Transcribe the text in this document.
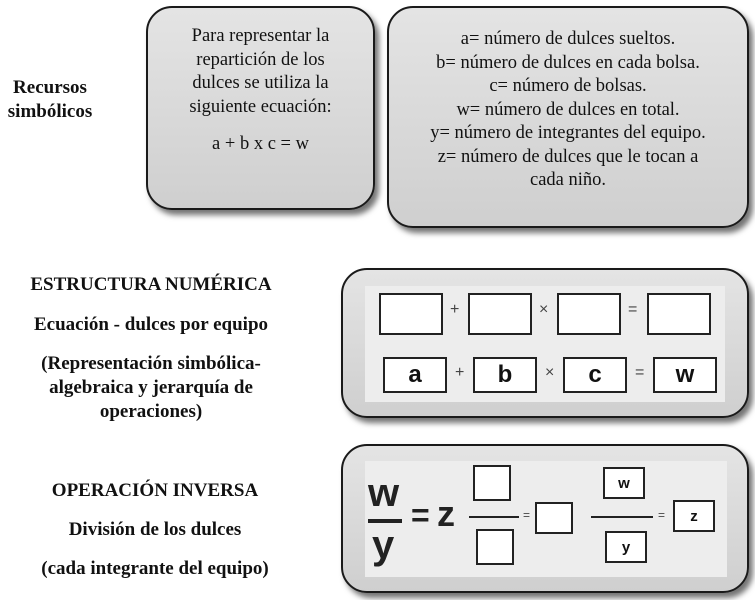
Recursos
simbólicos
ESTRUCTURA NUMÉRICA
Ecuación - dulces por equipo
(Representación simbólica-
algebraica y jerarquía de
operaciones)
OPERACIÓN INVERSA
División de los dulces
(cada integrante del equipo)
Para representar la
repartición de los
dulces se utiliza la
siguiente ecuación:
a + b x c = w
a= número de dulces sueltos.
b= número de dulces en cada bolsa.
c= número de bolsas.
w= número de dulces en total.
y= número de integrantes del equipo.
z= número de dulces que le tocan a
cada niño.
+	×	=
a	+	b	×	c	=	w
w
y
= z	=
w
y
=	z
